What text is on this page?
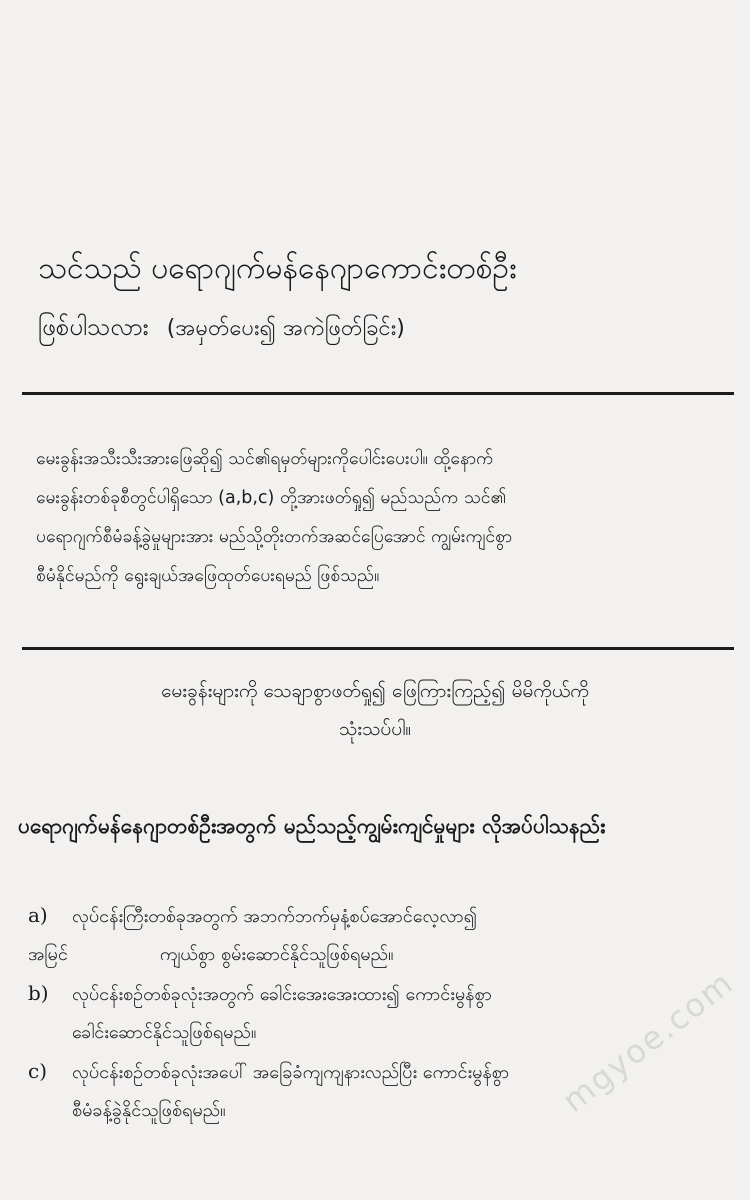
သင်သည် ပရောဂျက်မန်နေဂျာကောင်းတစ်ဦး
ဖြစ်ပါသလား (အမှတ်ပေး၍ အကဲဖြတ်ခြင်း)
မေးခွန်းအသီးသီးအားဖြေဆို၍ သင်၏ရမှတ်များကိုပေါင်းပေးပါ။ ထို့နောက်
မေးခွန်းတစ်ခုစီတွင်ပါရှိသော (a,b,c) တို့အားဖတ်ရှု၍ မည်သည်က သင်၏
ပရောဂျက်စီမံခန့်ခွဲမှုများအား မည်သို့တိုးတက်အဆင်ပြေအောင် ကျွမ်းကျင်စွာ
စီမံနိုင်မည်ကို ရွေးချယ်အဖြေထုတ်ပေးရမည် ဖြစ်သည်။
မေးခွန်းများကို သေချာစွာဖတ်ရှု၍ ဖြေကြားကြည့်၍ မိမိကိုယ်ကို
သုံးသပ်ပါ။
ပရောဂျက်မန်နေဂျာတစ်ဦးအတွက် မည်သည့်ကျွမ်းကျင်မှုများ လိုအပ်ပါသနည်း
a) လုပ်ငန်းကြီးတစ်ခုအတွက် အဘက်ဘက်မှနံ့စပ်အောင်လေ့လာ၍
အမြင်	ကျယ်စွာ စွမ်းဆောင်နိုင်သူဖြစ်ရမည်။
b) လုပ်ငန်းစဉ်တစ်ခုလုံးအတွက် ခေါင်းအေးအေးထား၍ ကောင်းမွန်စွာ
ခေါင်းဆောင်နိုင်သူဖြစ်ရမည်။
c) လုပ်ငန်းစဉ်တစ်ခုလုံးအပေါ် အခြေခံကျကျနားလည်ပြီး ကောင်းမွန်စွာ
စီမံခန့်ခွဲနိုင်သူဖြစ်ရမည်။	mgyoe.com
